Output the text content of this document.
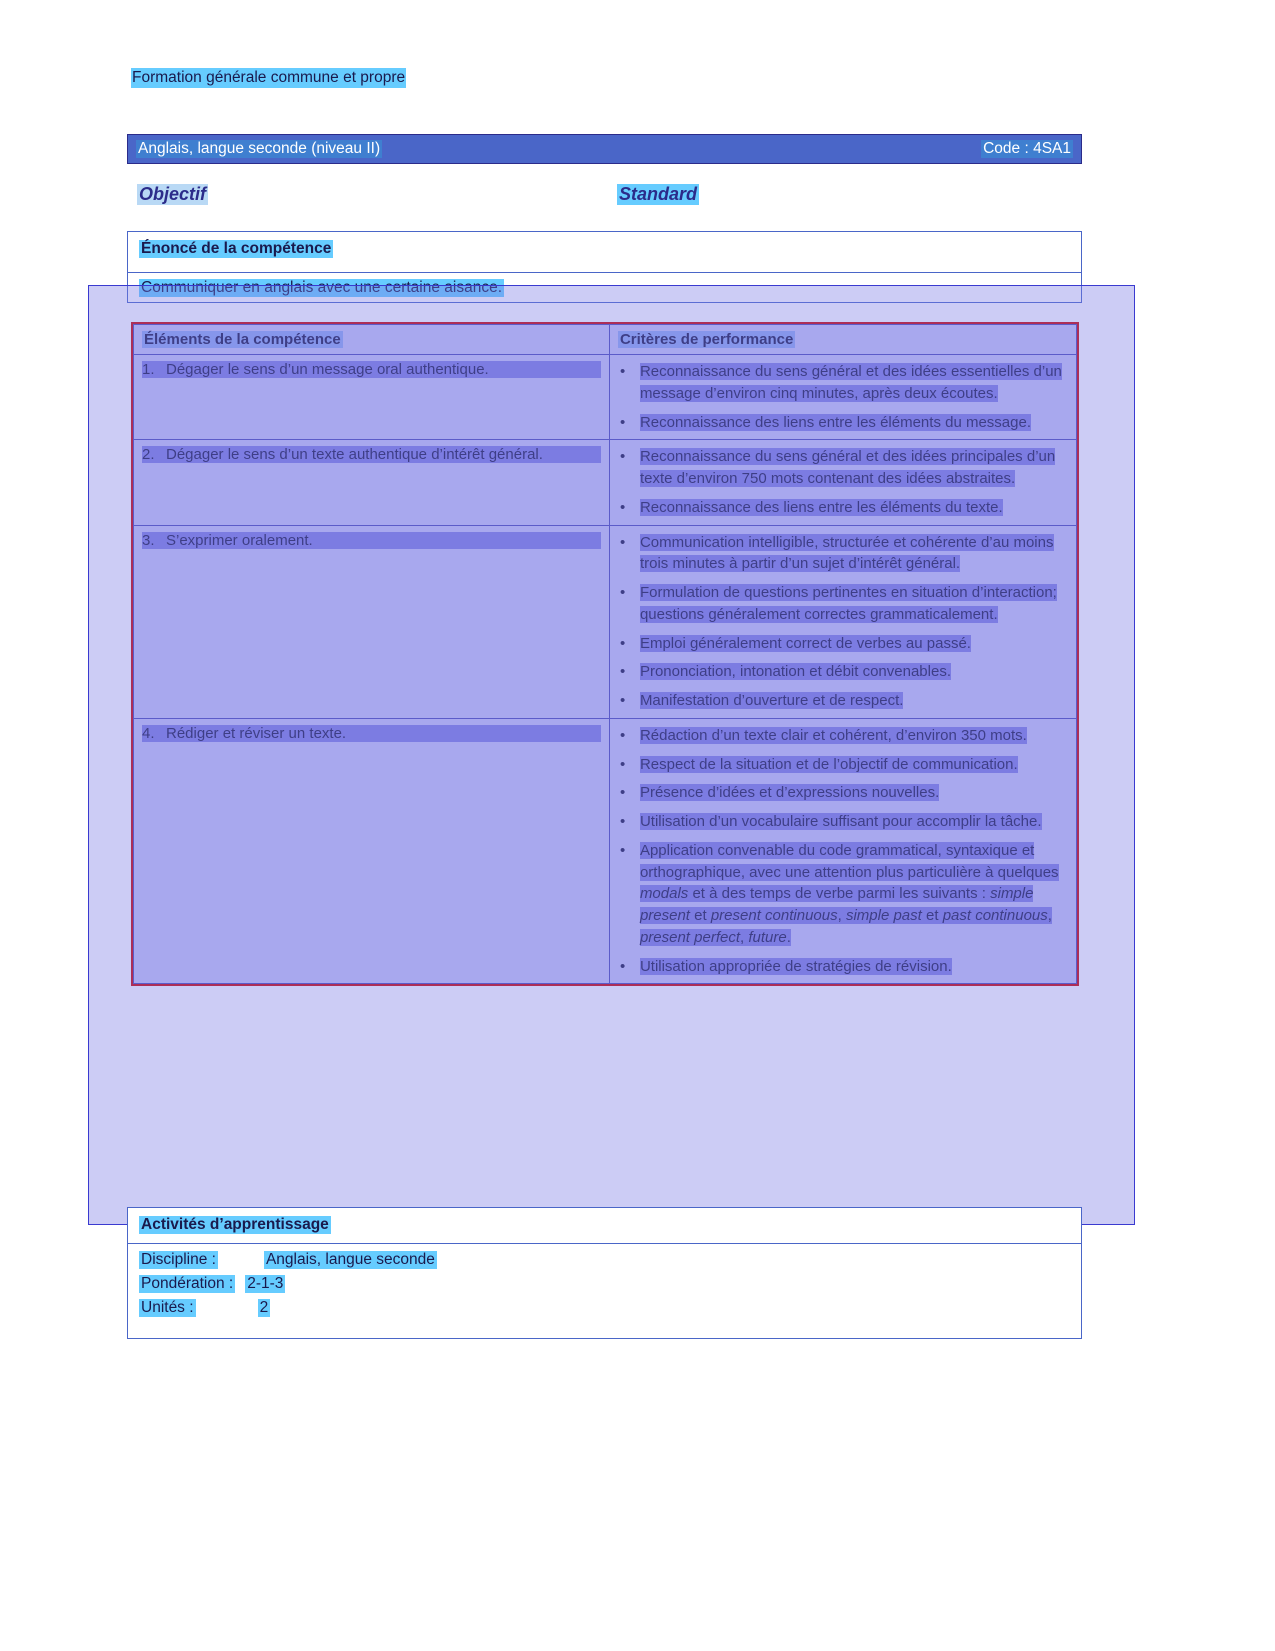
Formation générale commune et propre
Anglais, langue seconde (niveau II)	Code : 4SA1
Objectif	Standard
Énoncé de la compétence
Communiquer en anglais avec une certaine aisance.
Éléments de la compétence	Critères de performance

1. Dégager le sens d’un message oral authentique.

•Reconnaissance du sens général et des idées essentielles d’un message d’environ cinq minutes, après deux écoutes.
• Reconnaissance des liens entre les éléments du message.

2. Dégager le sens d’un texte authentique d’intérêt général.

•Reconnaissance du sens général et des idées principales d’un texte d’environ 750 mots contenant des idées abstraites.
• Reconnaissance des liens entre les éléments du texte.

3. S’exprimer oralement.

•Communication intelligible, structurée et cohérente d’au moins trois minutes à partir d’un sujet d’intérêt général.
• Formulation de questions pertinentes en situation d’interaction; questions généralement correctes grammaticalement.
• Emploi généralement correct de verbes au passé.
• Prononciation, intonation et débit convenables.
• Manifestation d’ouverture et de respect.

4. Rédiger et réviser un texte.

•Rédaction d’un texte clair et cohérent, d’environ 350 mots.
• Respect de la situation et de l’objectif de communication.
• Présence d’idées et d’expressions nouvelles.
• Utilisation d’un vocabulaire suffisant pour accomplir la tâche.
• Application convenable du code grammatical, syntaxique et orthographique, avec une attention plus particulière à quelques modals et à des temps de verbe parmi les suivants : simple present et present continuous, simple past et past continuous, present perfect, future.
• Utilisation appropriée de stratégies de révision.
Activités d’apprentissage
Discipline :	Anglais, langue seconde
Pondération : 2-1-3
Unités :	2
